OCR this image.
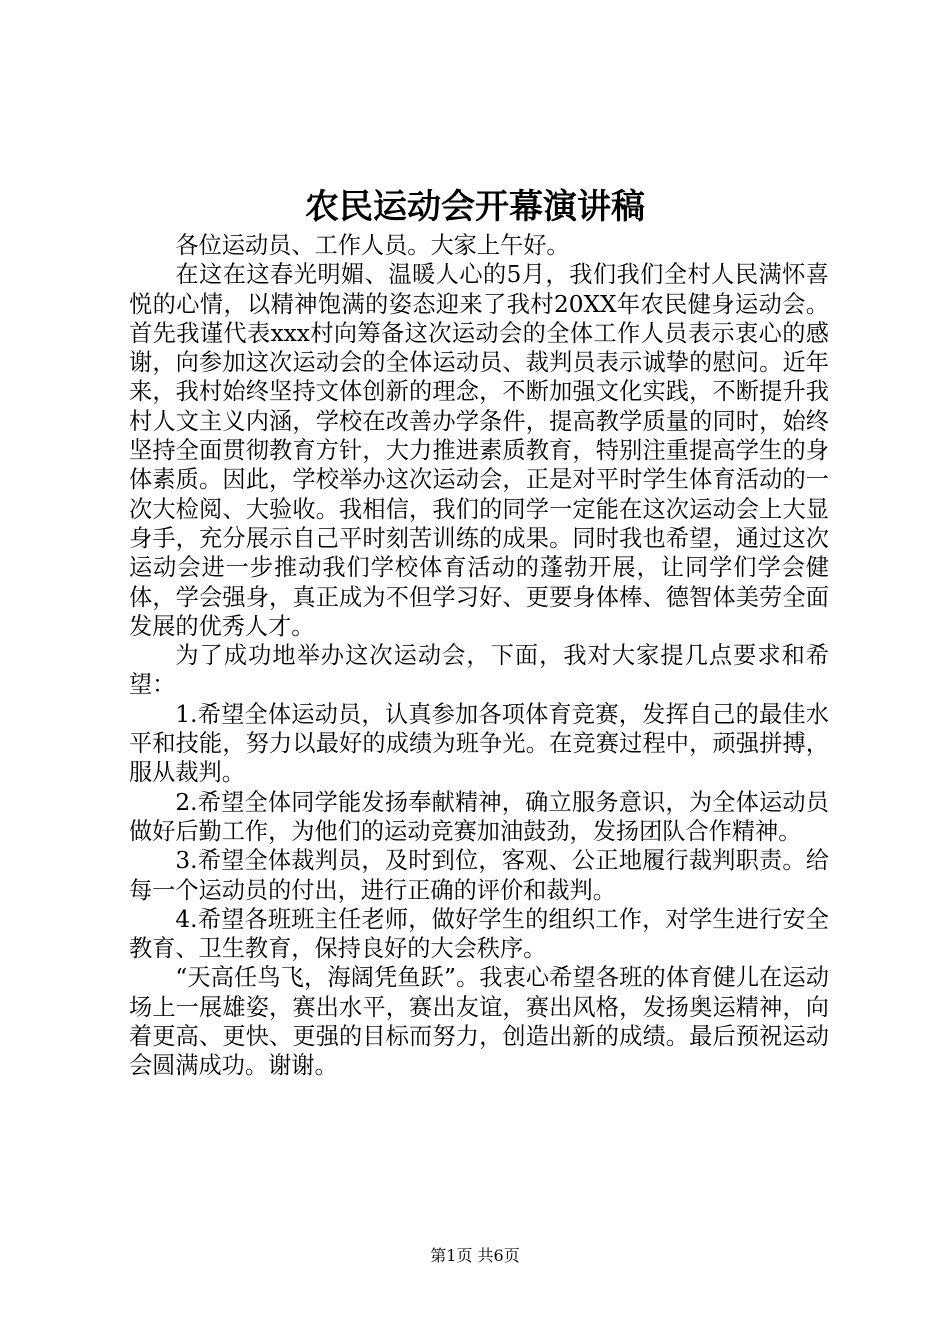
农民运动会开幕演讲稿

各位运动员、工作人员。大家上午好。

在这在这春光明媚、温暖人心的5月，我们我们全村人民满怀喜悦的心情，以精神饱满的姿态迎来了我村20XX年农民健身运动会。首先我谨代表xxx村向筹备这次运动会的全体工作人员表示衷心的感谢，向参加这次运动会的全体运动员、裁判员表示诚挚的慰问。近年来，我村始终坚持文体创新的理念，不断加强文化实践，不断提升我村人文主义内涵，学校在改善办学条件，提高教学质量的同时，始终坚持全面贯彻教育方针，大力推进素质教育，特别注重提高学生的身体素质。因此，学校举办这次运动会，正是对平时学生体育活动的一次大检阅、大验收。我相信，我们的同学一定能在这次运动会上大显身手，充分展示自己平时刻苦训练的成果。同时我也希望，通过这次运动会进一步推动我们学校体育活动的蓬勃开展，让同学们学会健体，学会强身，真正成为不但学习好、更要身体棒、德智体美劳全面发展的优秀人才。

为了成功地举办这次运动会，下面，我对大家提几点要求和希望：

1.希望全体运动员，认真参加各项体育竞赛，发挥自己的最佳水平和技能，努力以最好的成绩为班争光。在竞赛过程中，顽强拼搏，服从裁判。

2.希望全体同学能发扬奉献精神，确立服务意识，为全体运动员做好后勤工作，为他们的运动竞赛加油鼓劲，发扬团队合作精神。

3.希望全体裁判员，及时到位，客观、公正地履行裁判职责。给每一个运动员的付出，进行正确的评价和裁判。

4.希望各班班主任老师，做好学生的组织工作，对学生进行安全教育、卫生教育，保持良好的大会秩序。

“天高任鸟飞，海阔凭鱼跃”。我衷心希望各班的体育健儿在运动场上一展雄姿，赛出水平，赛出友谊，赛出风格，发扬奥运精神，向着更高、更快、更强的目标而努力，创造出新的成绩。最后预祝运动会圆满成功。谢谢。

第1页 共6页
